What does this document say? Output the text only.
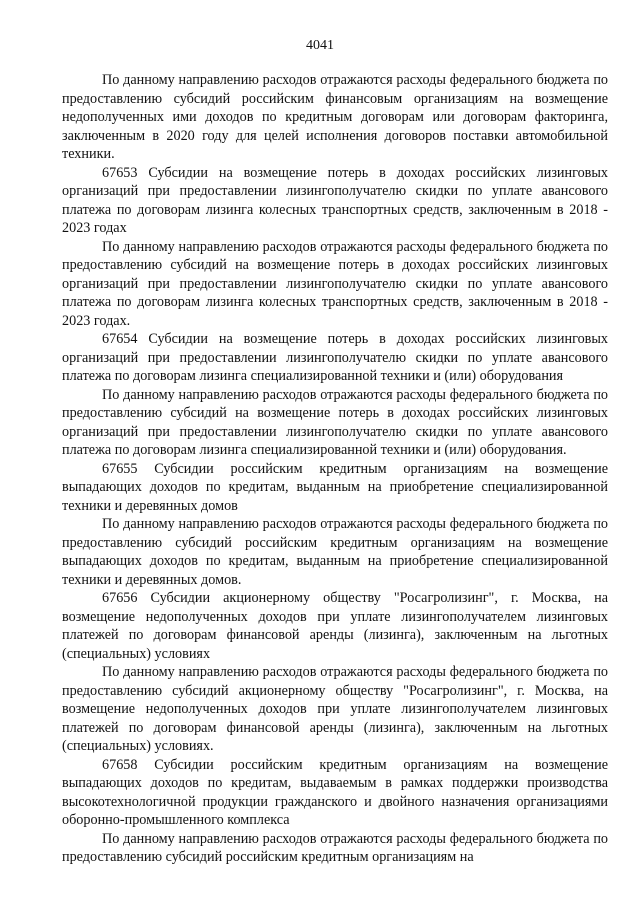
4041

По данному направлению расходов отражаются расходы федерального бюджета по предоставлению субсидий российским финансовым организациям на возмещение недополученных ими доходов по кредитным договорам или договорам факторинга, заключенным в 2020 году для целей исполнения договоров поставки автомобильной техники.

67653 Субсидии на возмещение потерь в доходах российских лизинговых организаций при предоставлении лизингополучателю скидки по уплате авансового платежа по договорам лизинга колесных транспортных средств, заключенным в 2018 - 2023 годах

По данному направлению расходов отражаются расходы федерального бюджета по предоставлению субсидий на возмещение потерь в доходах российских лизинговых организаций при предоставлении лизингополучателю скидки по уплате авансового платежа по договорам лизинга колесных транспортных средств, заключенным в 2018 - 2023 годах.

67654 Субсидии на возмещение потерь в доходах российских лизинговых организаций при предоставлении лизингополучателю скидки по уплате авансового платежа по договорам лизинга специализированной техники и (или) оборудования

По данному направлению расходов отражаются расходы федерального бюджета по предоставлению субсидий на возмещение потерь в доходах российских лизинговых организаций при предоставлении лизингополучателю скидки по уплате авансового платежа по договорам лизинга специализированной техники и (или) оборудования.

67655 Субсидии российским кредитным организациям на возмещение выпадающих доходов по кредитам, выданным на приобретение специализированной техники и деревянных домов

По данному направлению расходов отражаются расходы федерального бюджета по предоставлению субсидий российским кредитным организациям на возмещение выпадающих доходов по кредитам, выданным на приобретение специализированной техники и деревянных домов.

67656 Субсидии акционерному обществу "Росагролизинг", г. Москва, на возмещение недополученных доходов при уплате лизингополучателем лизинговых платежей по договорам финансовой аренды (лизинга), заключенным на льготных (специальных) условиях

По данному направлению расходов отражаются расходы федерального бюджета по предоставлению субсидий акционерному обществу "Росагролизинг", г. Москва, на возмещение недополученных доходов при уплате лизингополучателем лизинговых платежей по договорам финансовой аренды (лизинга), заключенным на льготных (специальных) условиях.

67658 Субсидии российским кредитным организациям на возмещение выпадающих доходов по кредитам, выдаваемым в рамках поддержки производства высокотехнологичной продукции гражданского и двойного назначения организациями оборонно-промышленного комплекса

По данному направлению расходов отражаются расходы федерального бюджета по предоставлению субсидий российским кредитным организациям на
